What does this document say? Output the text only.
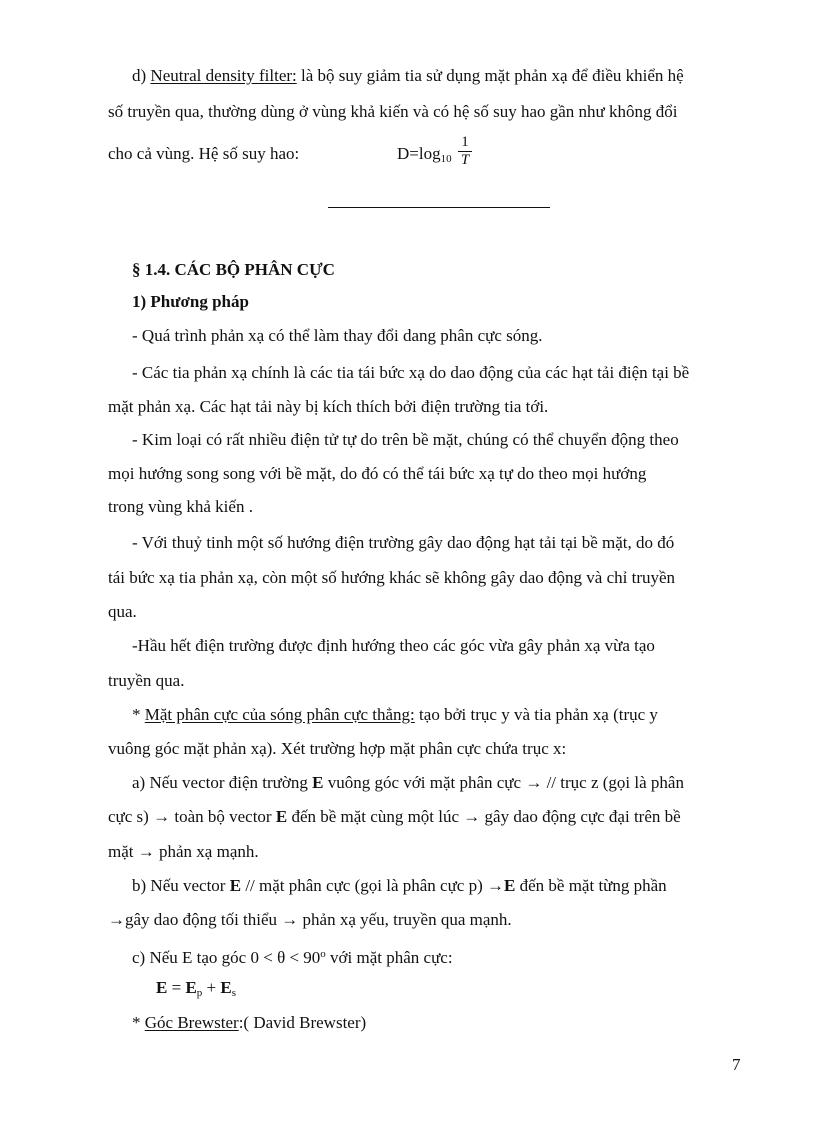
d) Neutral density filter: là bộ suy giảm tia sử dụng mặt phản xạ để điều khiển hệ
số truyền qua, thường dùng ở vùng khả kiến và có hệ số suy hao gần như không đổi
cho cả vùng. Hệ số suy hao:	$D=\log_{10} \frac{1}{T}$
§ 1.4. CÁC BỘ PHÂN CỰC
1) Phương pháp
- Quá trình phản xạ có thể làm thay đổi dang phân cực sóng.
- Các tia phản xạ chính là các tia tái bức xạ do dao động của các hạt tải điện tại bề
mặt phản xạ. Các hạt tải này bị kích thích bởi điện trường tia tới.
- Kim loại có rất nhiều điện tử tự do trên bề mặt, chúng có thể chuyển động theo
mọi hướng song song với bề mặt, do đó có thể tái bức xạ tự do theo mọi hướng
trong vùng khả kiến .
- Với thuỷ tinh một số hướng điện trường gây dao động hạt tải tại bề mặt, do đó
tái bức xạ tia phản xạ, còn một số hướng khác sẽ không gây dao động và chỉ truyền
qua.
-Hầu hết điện trường được định hướng theo các góc vừa gây phản xạ vừa tạo
truyền qua.
* Mặt phân cực của sóng phân cực thẳng: tạo bởi trục y và tia phản xạ (trục y
vuông góc mặt phản xạ). Xét trường hợp mặt phân cực chứa trục x:
a) Nếu vector điện trường E vuông góc với mặt phân cực → // trục z (gọi là phân
cực s) → toàn bộ vector E đến bề mặt cùng một lúc → gây dao động cực đại trên bề
mặt → phản xạ mạnh.
b) Nếu vector E // mặt phân cực (gọi là phân cực p) →E đến bề mặt từng phần
→gây dao động tối thiểu → phản xạ yếu, truyền qua mạnh.
c) Nếu E tạo góc $0 < \theta < 90^o$ với mặt phân cực:
$E = E_p + E_s$
* Góc Brewster:( David Brewster)
7
